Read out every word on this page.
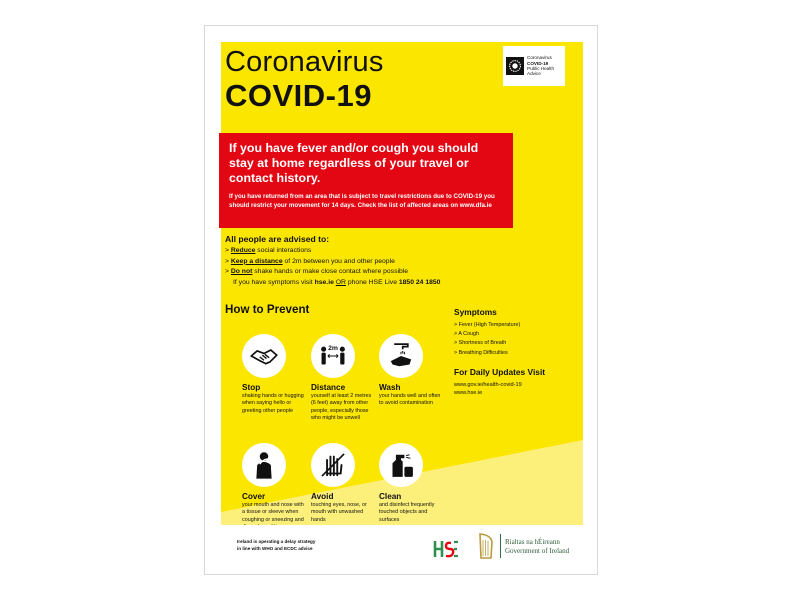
Coronavirus
COVID-19
Coronavirus
COVID-19
Public Health
Advice

If you have fever and/or cough you should stay at home regardless of your travel or contact history.

If you have returned from an area that is subject to travel restrictions due to COVID-19 you should restrict your movement for 14 days. Check the list of affected areas on www.dfa.ie
All people are advised to:
> Reduce social interactions
> Keep a distance of 2m between you and other people
> Do not shake hands or make close contact where possible
If you have symptoms visit hse.ie OR phone HSE Live 1850 24 1850
How to Prevent
2m
Stop
shaking hands or hugging when saying hello or greeting other people
Distance
yourself at least 2 metres (6 feet) away from other people, especially those who might be unwell
Wash
your hands well and often to avoid contamination
Cover
your mouth and nose with a tissue or sleeve when coughing or sneezing and
Avoid
touching eyes, nose, or mouth with unwashed hands
Clean
and disinfect frequently touched objects and surfaces
Symptoms
> Fever (High Temperature)
> A Cough
> Shortness of Breath
> Breathing Difficulties
For Daily Updates Visit
www.gov.ie/health-covid-19
www.hse.ie
Ireland is operating a delay strategy in line with WHO and ECDC advice
Rialtas na hÉireann
Government of Ireland
